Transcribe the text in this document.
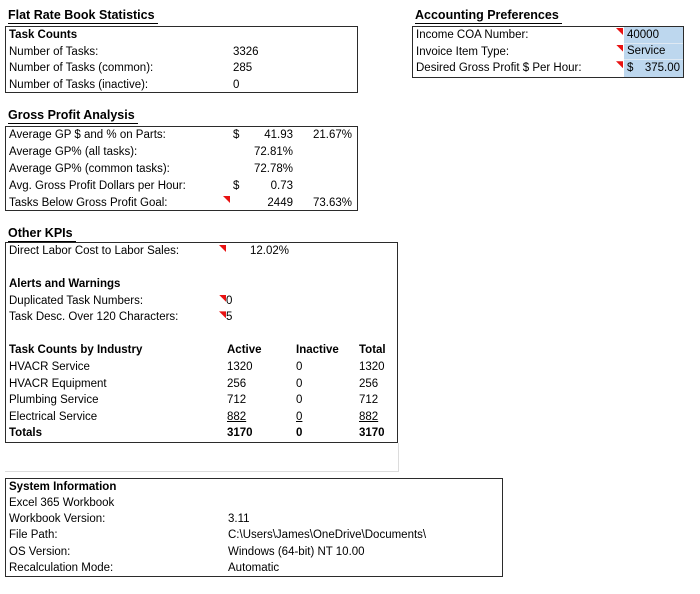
Flat Rate Book Statistics
Task Counts
Number of Tasks:	3326
Number of Tasks (common):	285
Number of Tasks (inactive):	0
Gross Profit Analysis
Average GP $ and % on Parts:	$	41.93	21.67%
Average GP% (all tasks):	72.81%
Average GP% (common tasks):	72.78%
Avg. Gross Profit Dollars per Hour:	$	0.73
Tasks Below Gross Profit Goal:	2449	73.63%
Other KPIs
Direct Labor Cost to Labor Sales:	12.02%
Alerts and Warnings
Duplicated Task Numbers:	0
Task Desc. Over 120 Characters:	5
Task Counts by Industry	Active	Inactive Total
HVACR Service	1320	0	1320
HVACR Equipment	256	0	256
Plumbing Service	712	0	712
Electrical Service	882	0	882
Totals	3170	0	3170
System Information
Excel 365 Workbook
Workbook Version:	3.11
File Path:	C:\Users\James\OneDrive\Documents\
OS Version:	Windows (64-bit) NT 10.00
Recalculation Mode:	Automatic
Accounting Preferences
Income COA Number:	40000
Invoice Item Type:	Service
Desired Gross Profit $ Per Hour:	$ 375.00
